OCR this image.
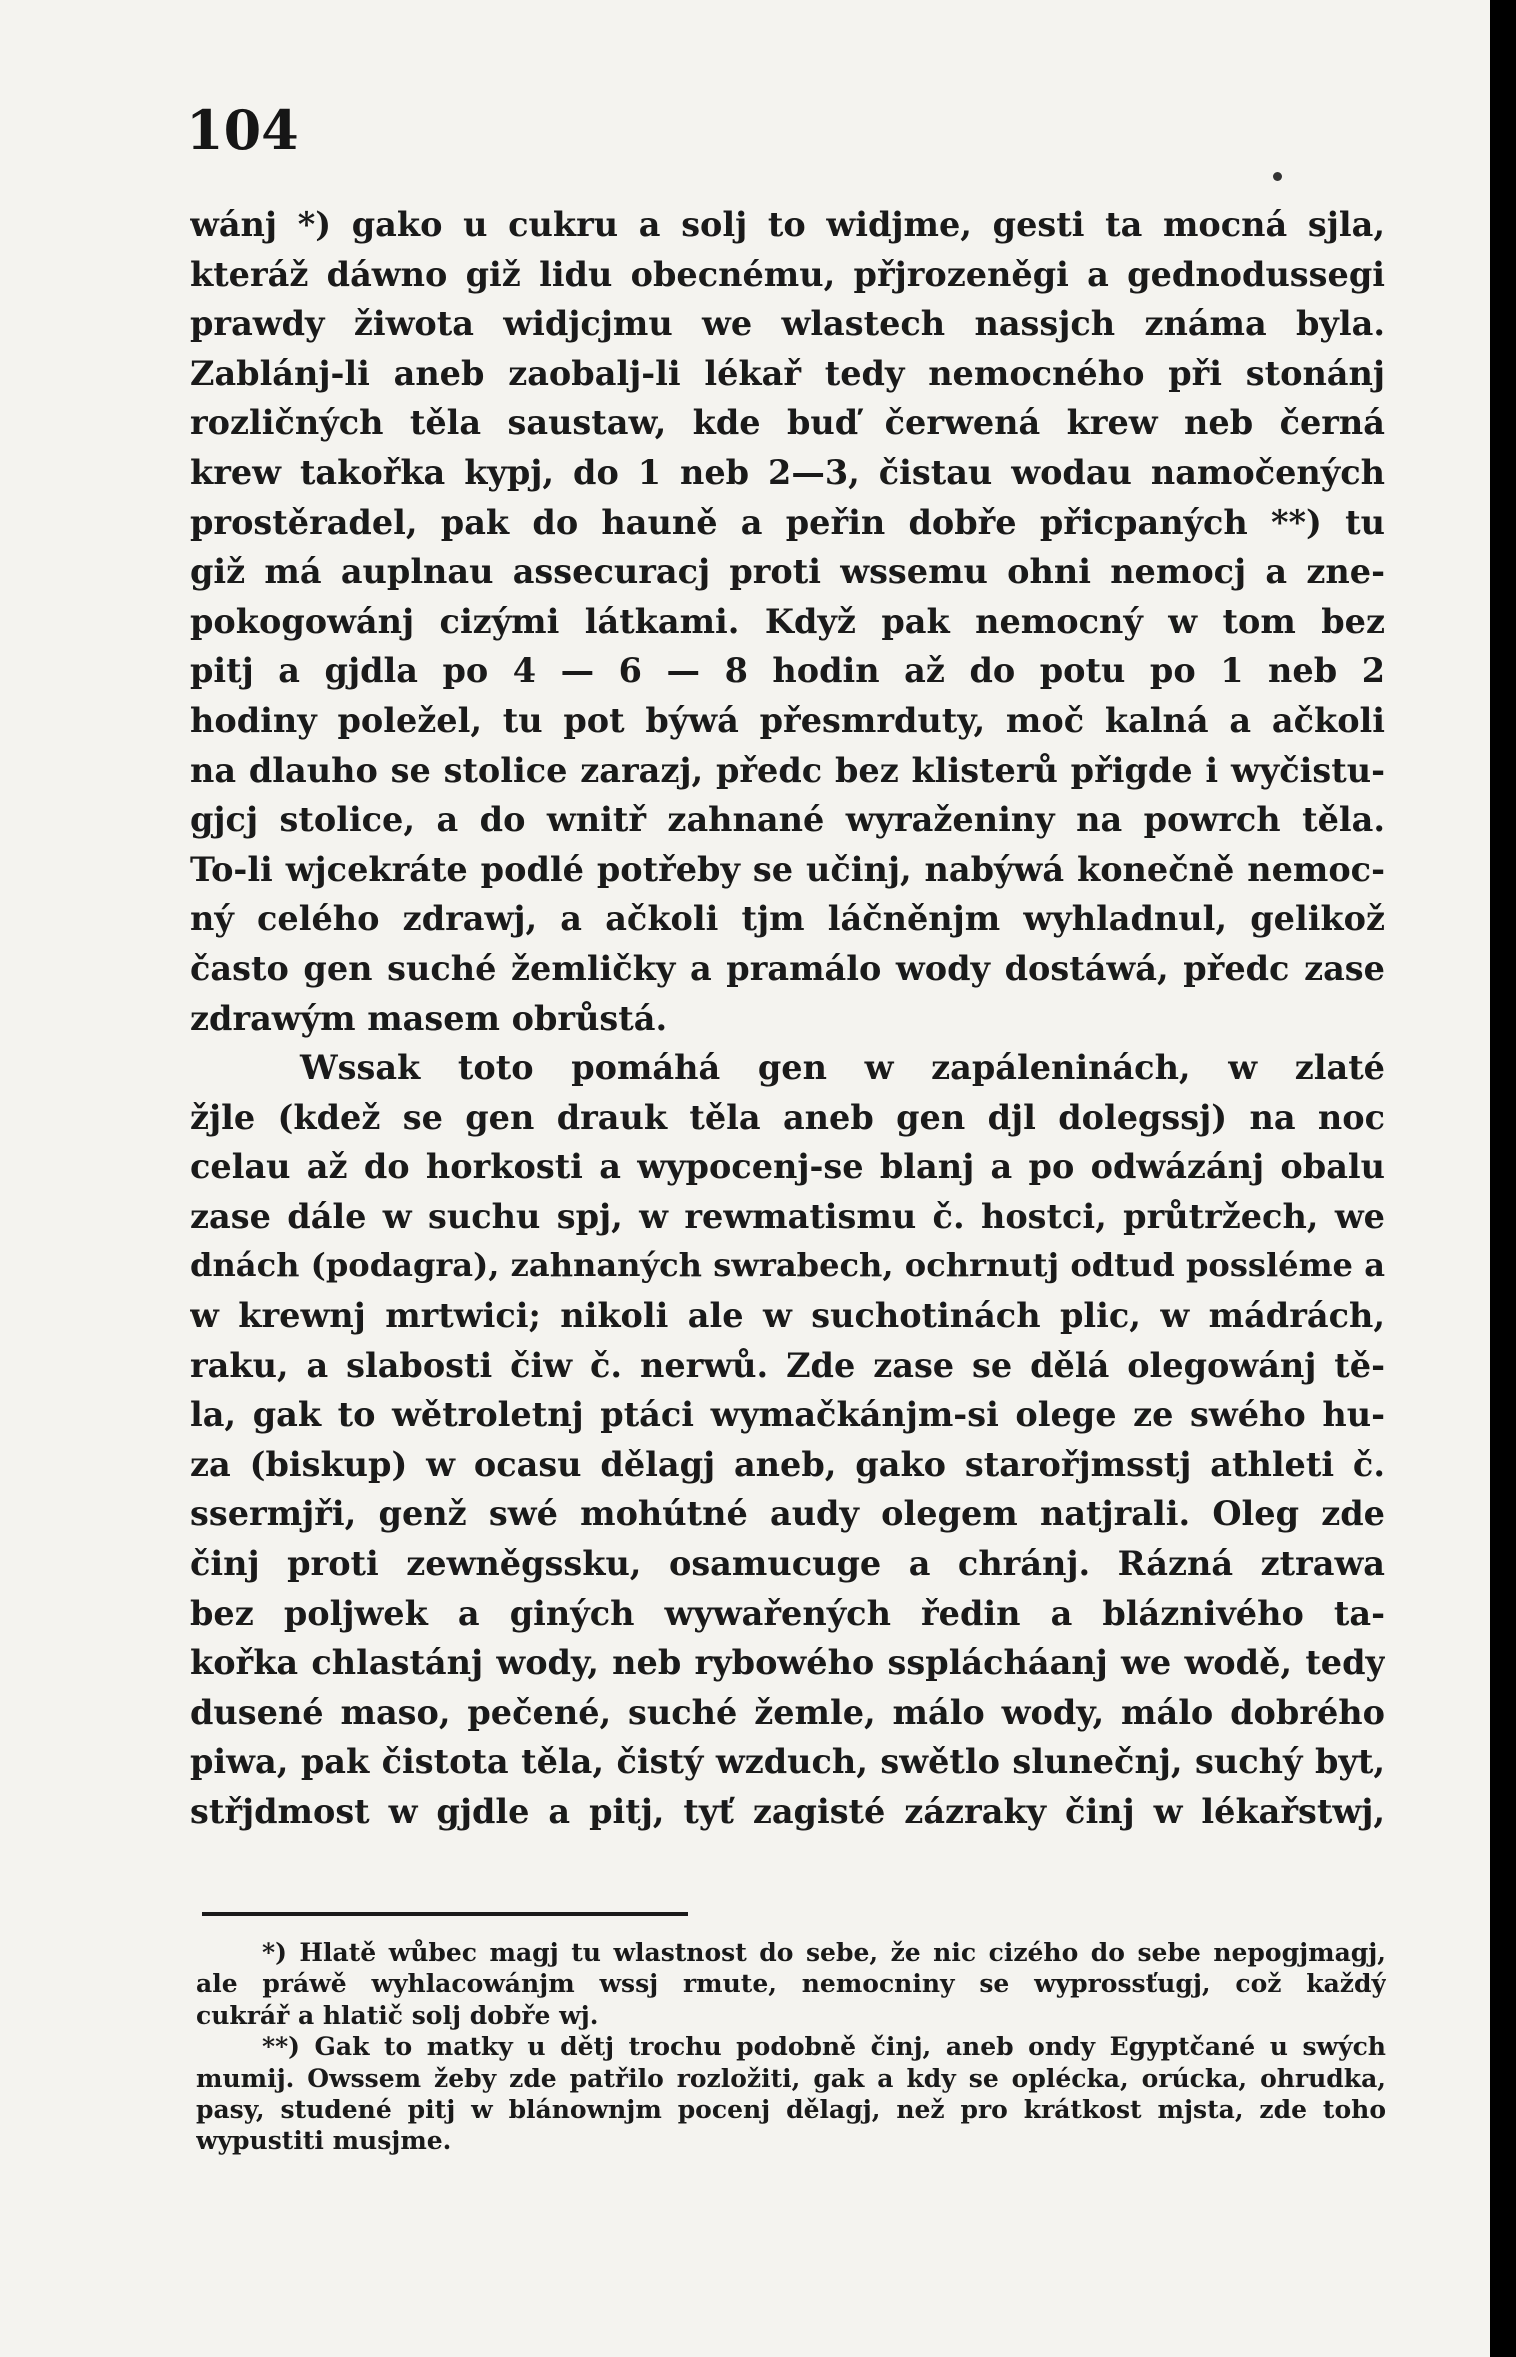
104
wánj *) gako u cukru a solj to widjme, gesti ta mocná sjla,
kteráž dáwno giž lidu obecnému, přjrozeněgi a gednodussegi
prawdy žiwota widjcjmu we wlastech nassjch známa byla.
Zablánj-li aneb zaobalj-li lékař tedy nemocného při stonánj
rozličných těla saustaw, kde buď čerwená krew neb černá
krew takořka kypj, do 1 neb 2—3, čistau wodau namočených
prostěradel, pak do hauně a peřin dobře přicpaných **) tu
giž má auplnau assecuracj proti wssemu ohni nemocj a zne-
pokogowánj cizými látkami. Když pak nemocný w tom bez
pitj a gjdla po 4 — 6 — 8 hodin až do potu po 1 neb 2
hodiny poležel, tu pot býwá přesmrduty, moč kalná a ačkoli
na dlauho se stolice zarazj, předc bez klisterů přigde i wyčistu-
gjcj stolice, a do wnitř zahnané wyraženiny na powrch těla.
To-li wjcekráte podlé potřeby se učinj, nabýwá konečně nemoc-
ný celého zdrawj, a ačkoli tjm láčněnjm wyhladnul, gelikož
často gen suché žemličky a pramálo wody dostáwá, předc zase
zdrawým masem obrůstá.
Wssak toto pomáhá gen w zapáleninách, w zlaté
žjle (kdež se gen drauk těla aneb gen djl dolegssj) na noc
celau až do horkosti a wypocenj-se blanj a po odwázánj obalu
zase dále w suchu spj, w rewmatismu č. hostci, průtržech, we
dnách (podagra), zahnaných swrabech, ochrnutj odtud possléme a
w krewnj mrtwici; nikoli ale w suchotinách plic, w mádrách,
raku, a slabosti čiw č. nerwů. Zde zase se dělá olegowánj tě-
la, gak to wětroletnj ptáci wymačkánjm-si olege ze swého hu-
za (biskup) w ocasu dělagj aneb, gako starořjmsstj athleti č.
ssermjři, genž swé mohútné audy olegem natjrali. Oleg zde
činj proti zewněgssku, osamucuge a chránj. Rázná ztrawa
bez poljwek a giných wywařených ředin a bláznivého ta-
kořka chlastánj wody, neb rybowého ssplácháanj we wodě, tedy
dusené maso, pečené, suché žemle, málo wody, málo dobrého
piwa, pak čistota těla, čistý wzduch, swětlo slunečnj, suchý byt,
střjdmost w gjdle a pitj, tyť zagisté zázraky činj w lékařstwj,
*) Hlatě wůbec magj tu wlastnost do sebe, že nic cizého do sebe nepogjmagj,
ale práwě wyhlacowánjm wssj rmute, nemocniny se wyprossťugj, což každý
cukrář a hlatič solj dobře wj.
**) Gak to matky u dětj trochu podobně činj, aneb ondy Egyptčané u swých
mumij. Owssem žeby zde patřilo rozložiti, gak a kdy se oplécka, orúcka, ohrudka,
pasy, studené pitj w blánownjm pocenj dělagj, než pro krátkost mjsta, zde toho
wypustiti musjme.
